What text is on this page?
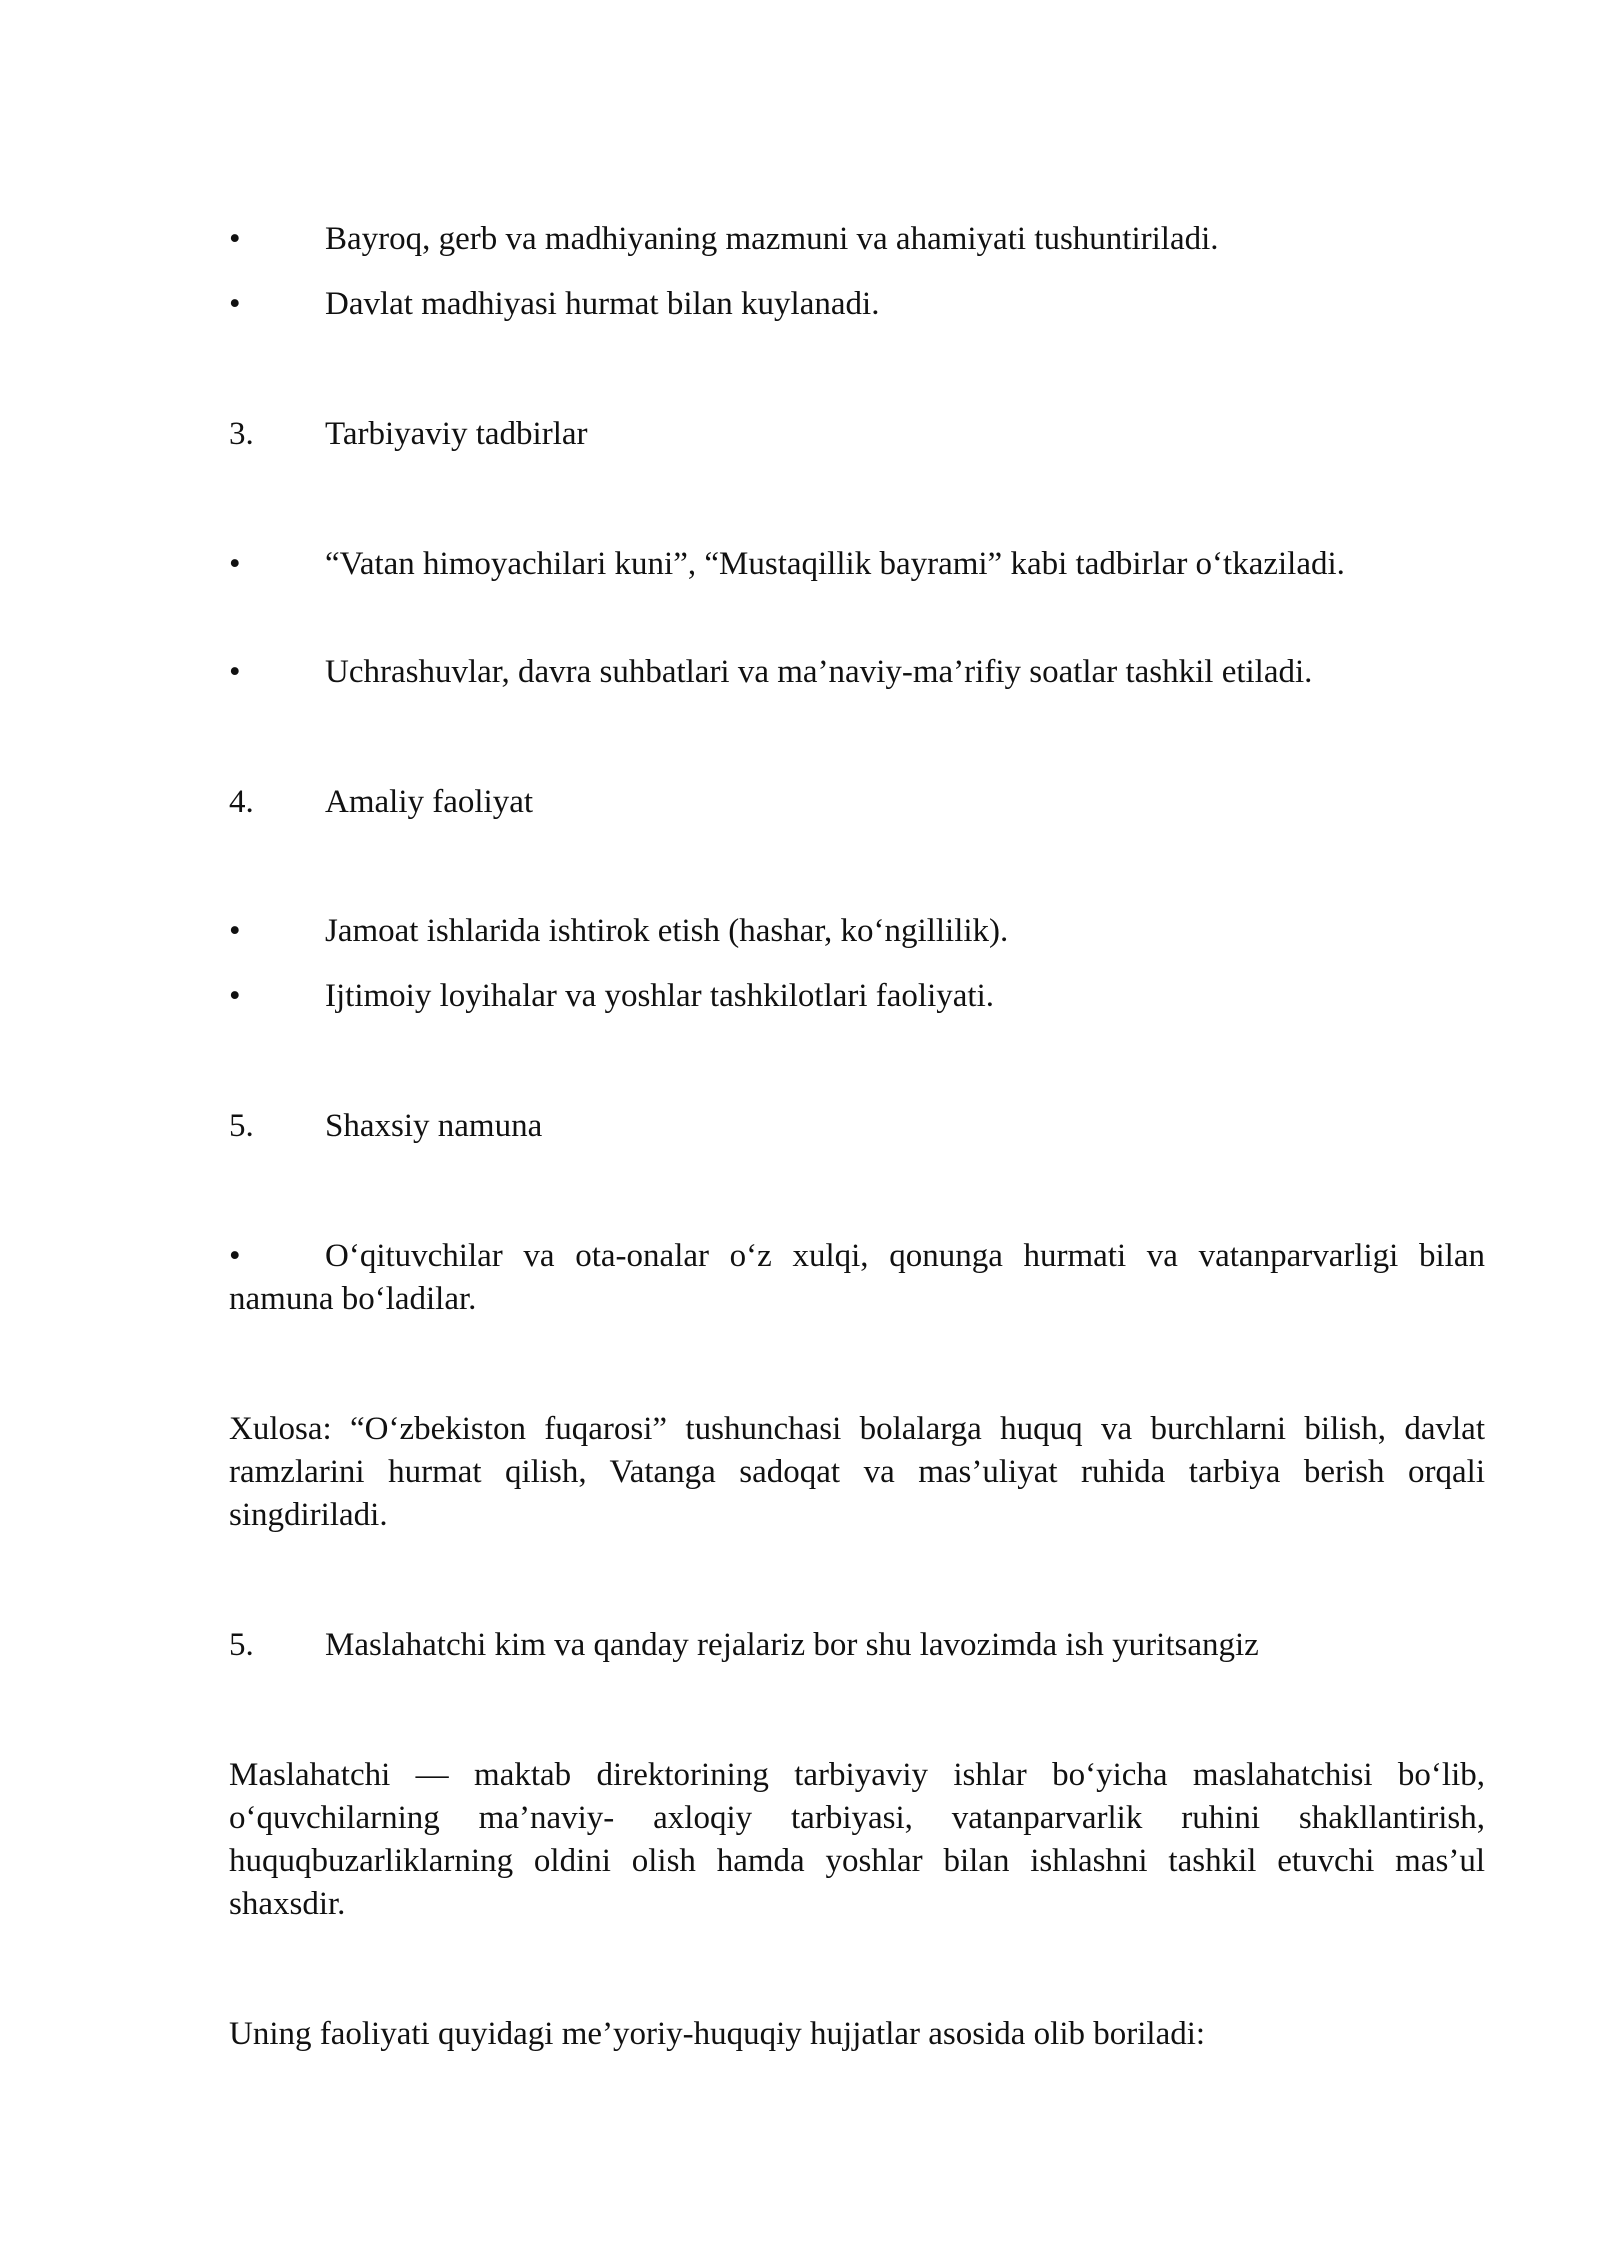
•	Bayroq, gerb va madhiyaning mazmuni va ahamiyati tushuntiriladi.

•	Davlat madhiyasi hurmat bilan kuylanadi.

3. Tarbiyaviy tadbirlar

•	“Vatan himoyachilari kuni”, “Mustaqillik bayrami” kabi tadbirlar o‘tkaziladi.

•	Uchrashuvlar, davra suhbatlari va ma’naviy-ma’rifiy soatlar tashkil etiladi.

4. Amaliy faoliyat

•	Jamoat ishlarida ishtirok etish (hashar, ko‘ngillilik).

•	Ijtimoiy loyihalar va yoshlar tashkilotlari faoliyati.

5. Shaxsiy namuna

•	O‘qituvchilar va ota-onalar o‘z xulqi, qonunga hurmati va vatanparvarligi bilan namuna bo‘ladilar.

Xulosa: “O‘zbekiston fuqarosi” tushunchasi bolalarga huquq va burchlarni bilish, davlat ramzlarini hurmat qilish, Vatanga sadoqat va mas’uliyat ruhida tarbiya berish orqali singdiriladi.

5. Maslahatchi kim va qanday rejalariz bor shu lavozimda ish yuritsangiz

Maslahatchi — maktab direktorining tarbiyaviy ishlar bo‘yicha maslahatchisi bo‘lib, o‘quvchilarning ma’naviy- axloqiy tarbiyasi, vatanparvarlik ruhini shakllantirish, huquqbuzarliklarning oldini olish hamda yoshlar bilan ishlashni tashkil etuvchi mas’ul shaxsdir.

Uning faoliyati quyidagi me’yoriy-huquqiy hujjatlar asosida olib boriladi:
